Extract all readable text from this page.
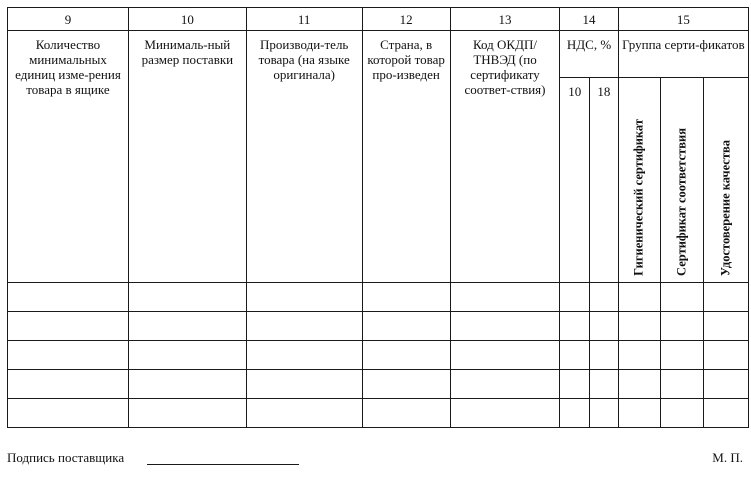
9	10	11	12	13	14		15		
Количество минимальных единиц изме-рения товара в ящике	Минималь-ный размер поставки	Производи-тель товара (на языке оригинала)	Страна, в которой товар про-изведен	Код ОКДП/ ТНВЭД (по сертификату соответ-ствия)	НДС, %		Группа серти-фикатов		
					10	18			

							Гигиенический сертификат	Сертификат соответствия	Удостоверение качества

Подпись поставщика	М. П.
